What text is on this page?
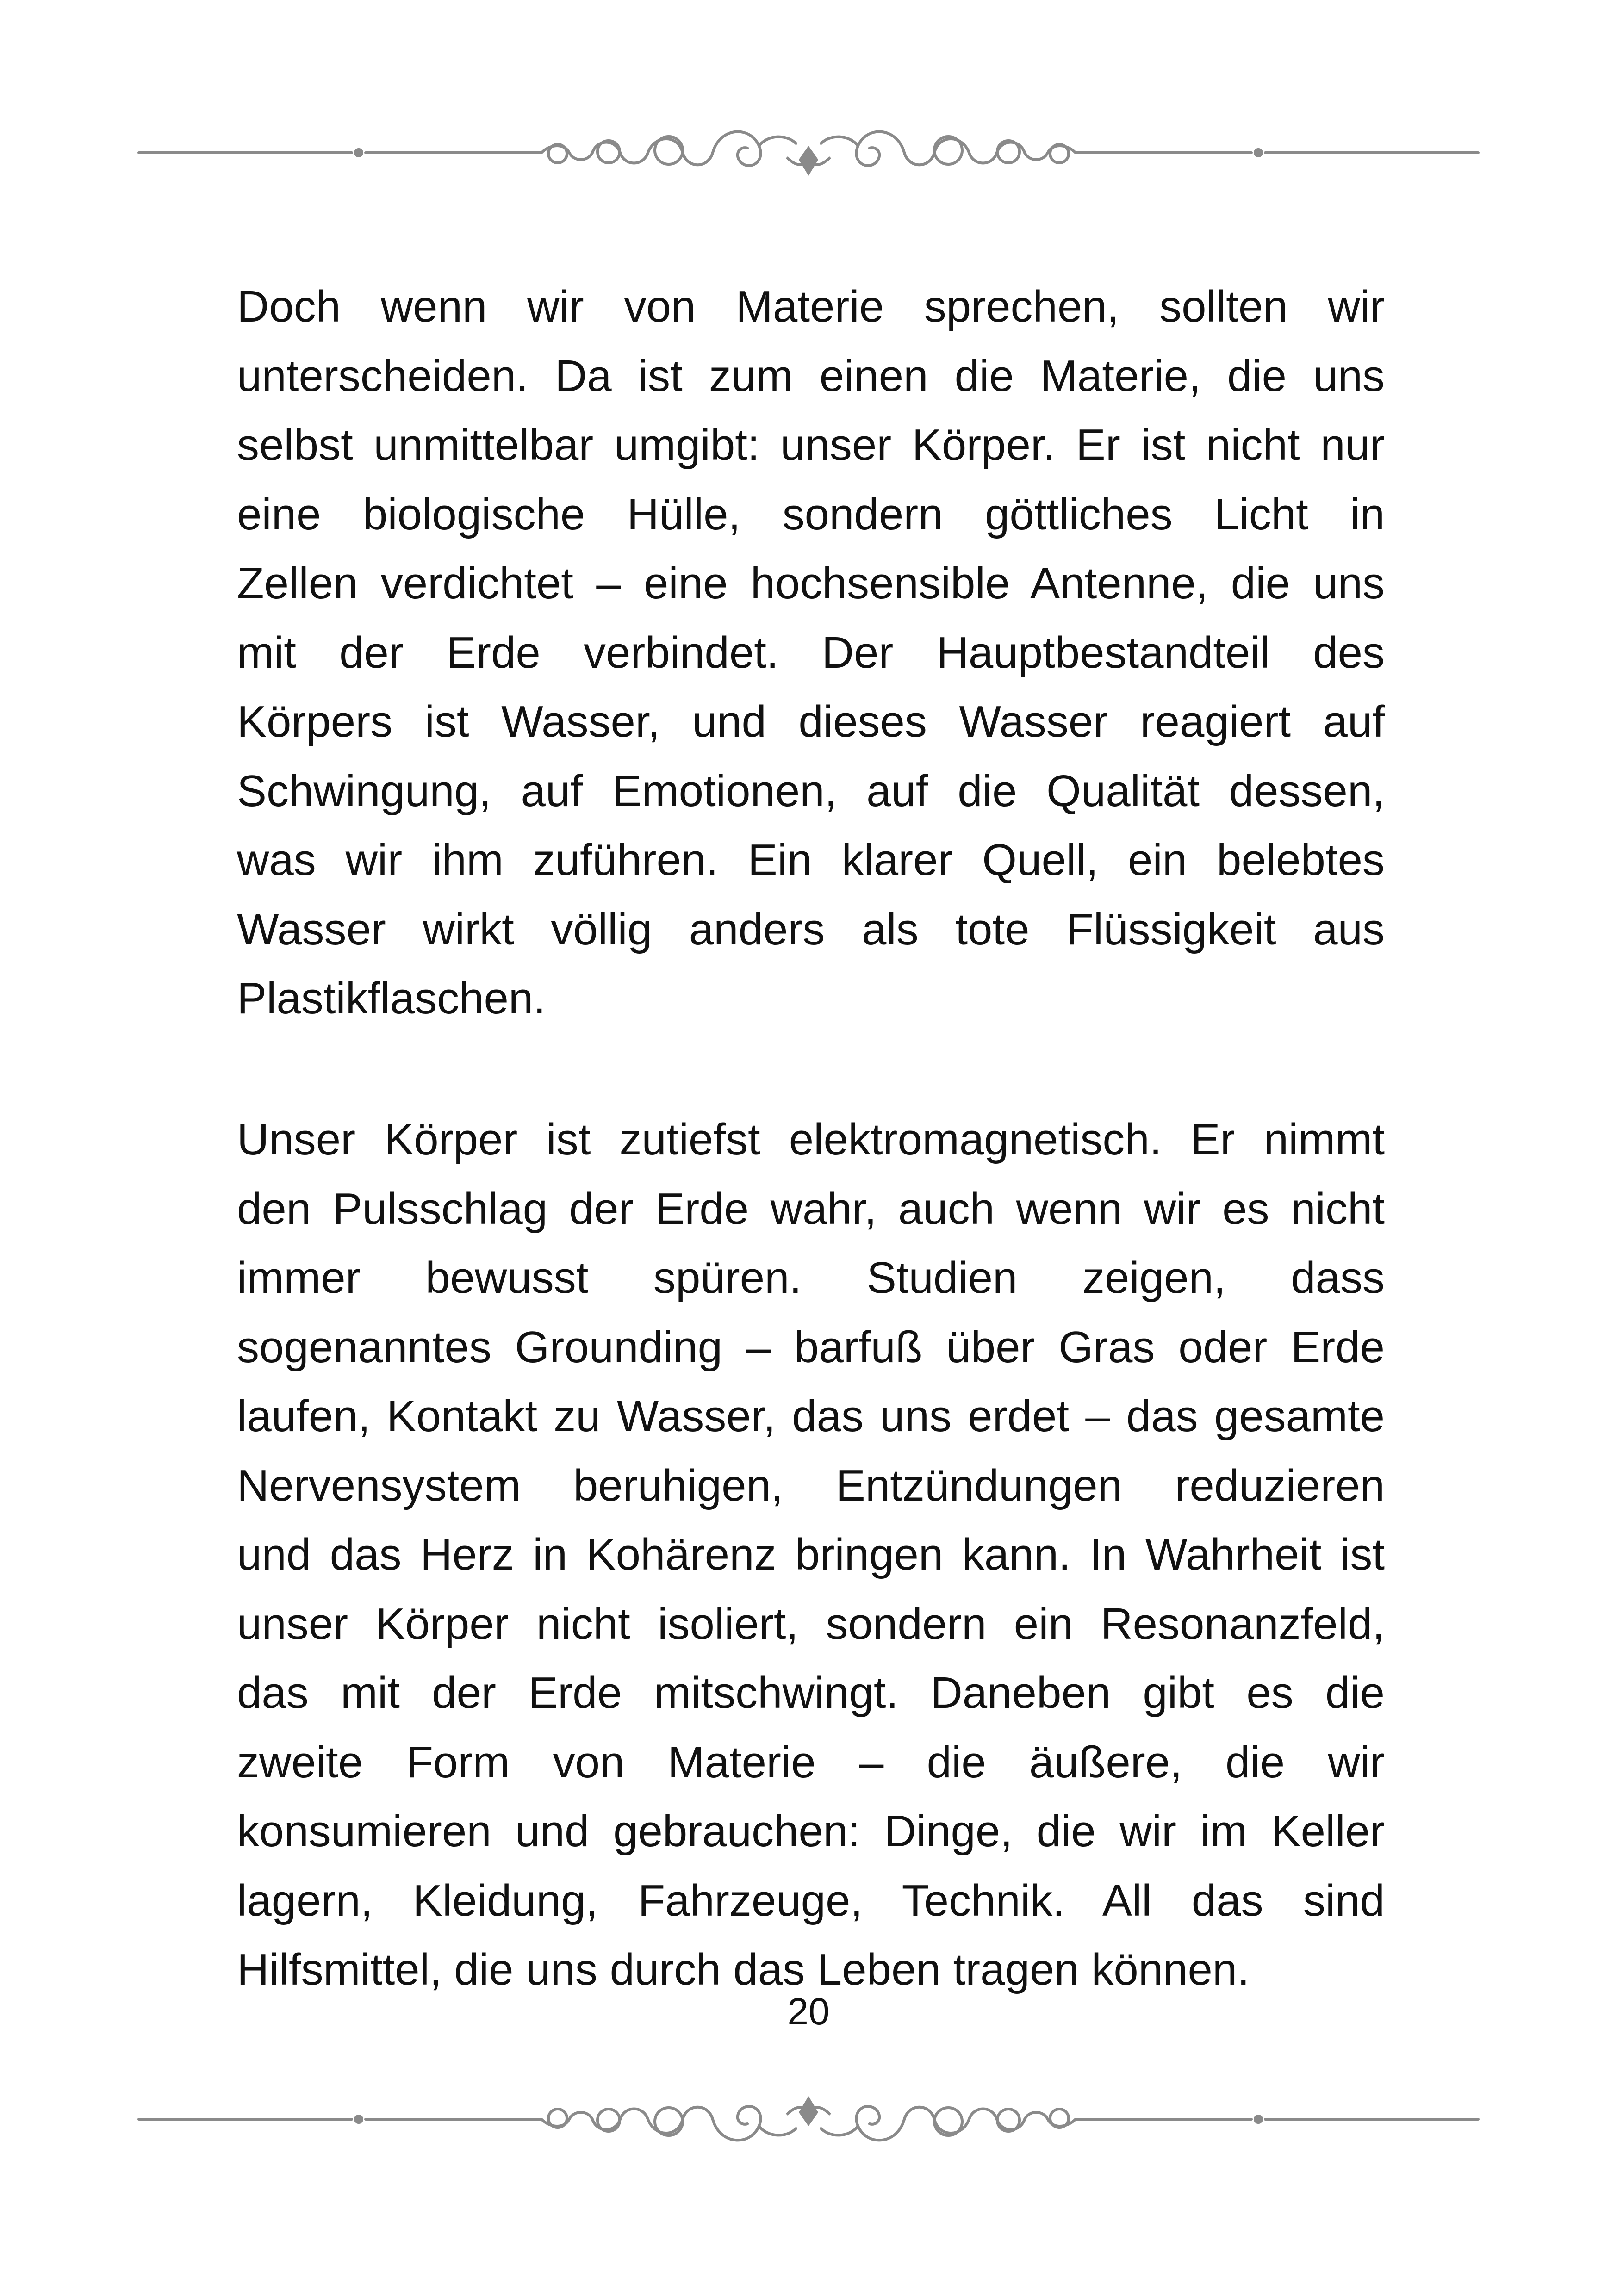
Doch wenn wir von Materie sprechen, sollten wir
unterscheiden. Da ist zum einen die Materie, die uns
selbst unmittelbar umgibt: unser Körper. Er ist nicht nur
eine biologische Hülle, sondern göttliches Licht in
Zellen verdichtet – eine hochsensible Antenne, die uns
mit der Erde verbindet. Der Hauptbestandteil des
Körpers ist Wasser, und dieses Wasser reagiert auf
Schwingung, auf Emotionen, auf die Qualität dessen,
was wir ihm zuführen. Ein klarer Quell, ein belebtes
Wasser wirkt völlig anders als tote Flüssigkeit aus
Plastikflaschen.
Unser Körper ist zutiefst elektromagnetisch. Er nimmt
den Pulsschlag der Erde wahr, auch wenn wir es nicht
immer bewusst spüren. Studien zeigen, dass
sogenanntes Grounding – barfuß über Gras oder Erde
laufen, Kontakt zu Wasser, das uns erdet – das gesamte
Nervensystem beruhigen, Entzündungen reduzieren
und das Herz in Kohärenz bringen kann. In Wahrheit ist
unser Körper nicht isoliert, sondern ein Resonanzfeld,
das mit der Erde mitschwingt. Daneben gibt es die
zweite Form von Materie – die äußere, die wir
konsumieren und gebrauchen: Dinge, die wir im Keller
lagern, Kleidung, Fahrzeuge, Technik. All das sind
Hilfsmittel, die uns durch das Leben tragen können.
20
